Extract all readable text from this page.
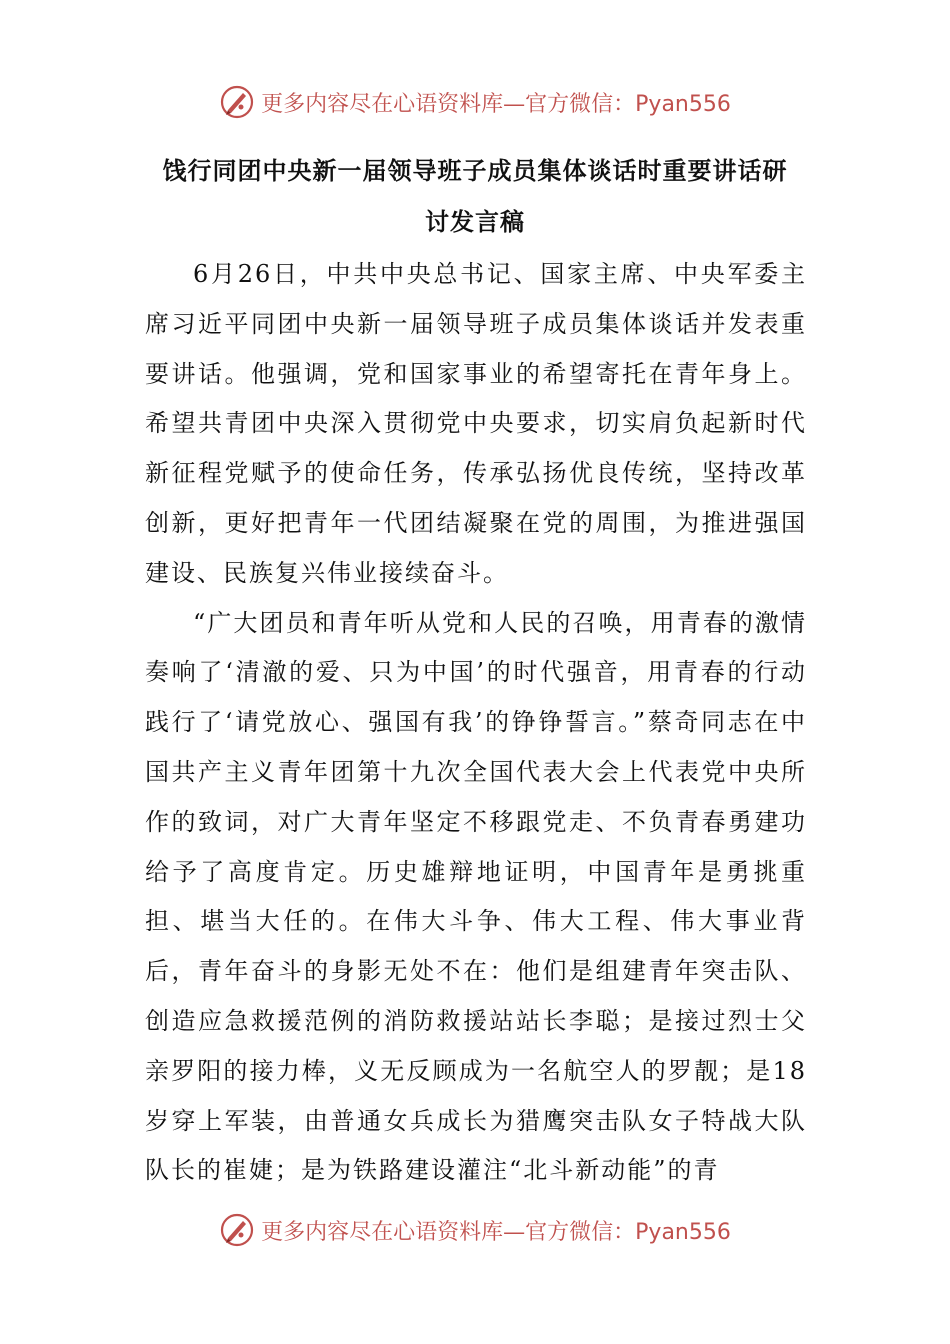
更多内容尽在心语资料库—官方微信：Pyan556
饯行同团中央新一届领导班子成员集体谈话时重要讲话研
讨发言稿

6月26日，中共中央总书记、国家主席、中央军委主席习近平同团中央新一届领导班子成员集体谈话并发表重要讲话。他强调，党和国家事业的希望寄托在青年身上。希望共青团中央深入贯彻党中央要求，切实肩负起新时代新征程党赋予的使命任务，传承弘扬优良传统，坚持改革创新，更好把青年一代团结凝聚在党的周围，为推进强国建设、民族复兴伟业接续奋斗。

“广大团员和青年听从党和人民的召唤，用青春的激情奏响了‘清澈的爱、只为中国’的时代强音，用青春的行动践行了‘请党放心、强国有我’的铮铮誓言。”蔡奇同志在中国共产主义青年团第十九次全国代表大会上代表党中央所作的致词，对广大青年坚定不移跟党走、不负青春勇建功给予了高度肯定。历史雄辩地证明，中国青年是勇挑重担、堪当大任的。在伟大斗争、伟大工程、伟大事业背后，青年奋斗的身影无处不在：他们是组建青年突击队、创造应急救援范例的消防救援站站长李聪；是接过烈士父亲罗阳的接力棒，义无反顾成为一名航空人的罗靓；是18岁穿上军装，由普通女兵成长为猎鹰突击队女子特战大队队长的崔婕；是为铁路建设灌注“北斗新动能”的青

更多内容尽在心语资料库—官方微信：Pyan556
